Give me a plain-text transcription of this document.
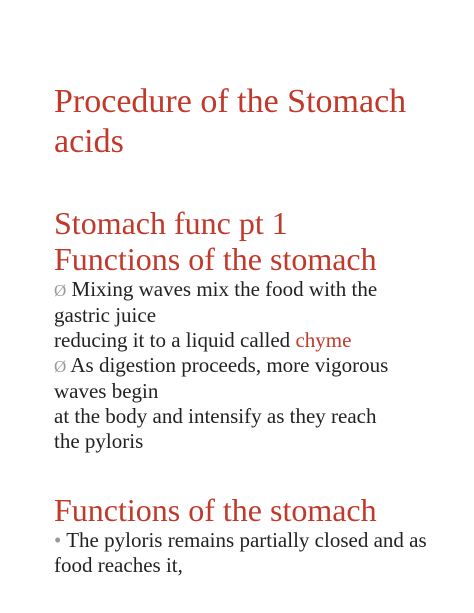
Procedure of the Stomach
acids
Stomach func pt 1
Functions of the stomach

Ø Mixing waves mix the food with the
gastric juice
reducing it to a liquid called chyme

Ø As digestion proceeds, more vigorous
waves begin
at the body and intensify as they reach
the pyloris

Functions of the stomach

• The pyloris remains partially closed and as
food reaches it,
